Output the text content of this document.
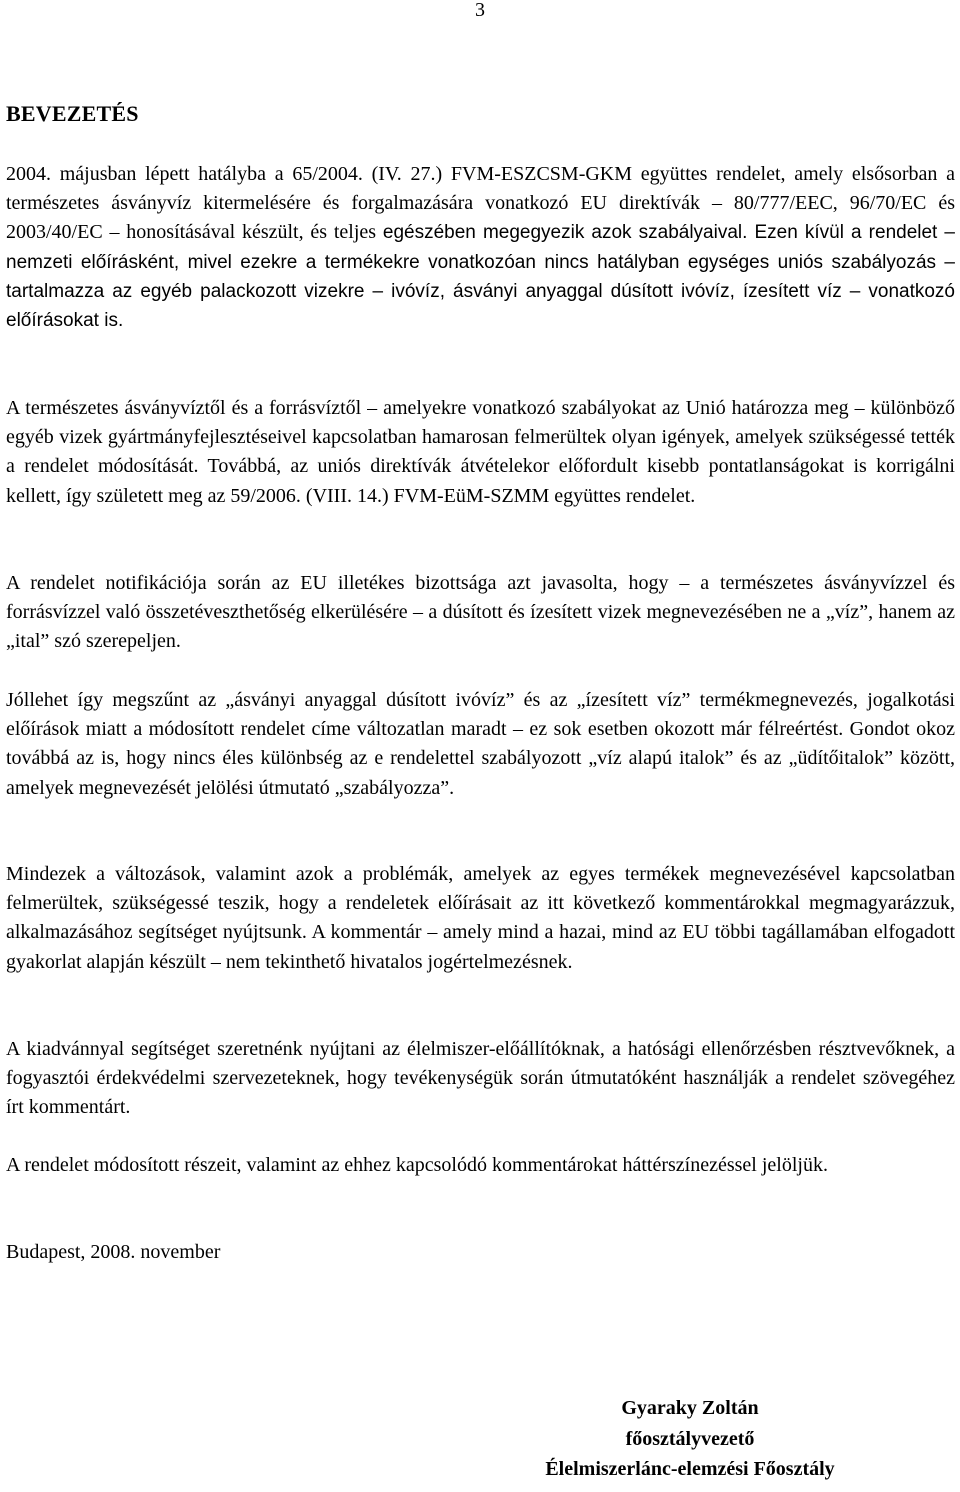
3
BEVEZETÉS

2004. májusban lépett hatályba a 65/2004. (IV. 27.) FVM-ESZCSM-GKM együttes rendelet, amely elsősorban a természetes ásványvíz kitermelésére és forgalmazására vonatkozó EU direktívák – 80/777/EEC, 96/70/EC és 2003/40/EC – honosításával készült, és teljes egészében megegyezik azok szabályaival. Ezen kívül a rendelet – nemzeti előírásként, mivel ezekre a termékekre vonatkozóan nincs hatályban egységes uniós szabályozás – tartalmazza az egyéb palackozott vizekre – ivóvíz, ásványi anyaggal dúsított ivóvíz, ízesített víz – vonatkozó előírásokat is.

A természetes ásványvíztől és a forrásvíztől – amelyekre vonatkozó szabályokat az Unió határozza meg – különböző egyéb vizek gyártmányfejlesztéseivel kapcsolatban hamarosan felmerültek olyan igények, amelyek szükségessé tették a rendelet módosítását. Továbbá, az uniós direktívák átvételekor előfordult kisebb pontatlanságokat is korrigálni kellett, így született meg az 59/2006. (VIII. 14.) FVM-EüM-SZMM együttes rendelet.

A rendelet notifikációja során az EU illetékes bizottsága azt javasolta, hogy – a természetes ásványvízzel és forrásvízzel való összetéveszthetőség elkerülésére – a dúsított és ízesített vizek megnevezésében ne a „víz”, hanem az „ital” szó szerepeljen.

Jóllehet így megszűnt az „ásványi anyaggal dúsított ivóvíz” és az „ízesített víz” termékmegnevezés, jogalkotási előírások miatt a módosított rendelet címe változatlan maradt – ez sok esetben okozott már félreértést. Gondot okoz továbbá az is, hogy nincs éles különbség az e rendelettel szabályozott „víz alapú italok” és az „üdítőitalok” között, amelyek megnevezését jelölési útmutató „szabályozza”.

Mindezek a változások, valamint azok a problémák, amelyek az egyes termékek megnevezésével kapcsolatban felmerültek, szükségessé teszik, hogy a rendeletek előírásait az itt következő kommentárokkal megmagyarázzuk, alkalmazásához segítséget nyújtsunk. A kommentár – amely mind a hazai, mind az EU többi tagállamában elfogadott gyakorlat alapján készült – nem tekinthető hivatalos jogértelmezésnek.

A kiadvánnyal segítséget szeretnénk nyújtani az élelmiszer-előállítóknak, a hatósági ellenőrzésben résztvevőknek, a fogyasztói érdekvédelmi szervezeteknek, hogy tevékenységük során útmutatóként használják a rendelet szövegéhez írt kommentárt.

A rendelet módosított részeit, valamint az ehhez kapcsolódó kommentárokat háttérszínezéssel jelöljük.

Budapest, 2008. november

Gyaraky Zoltán
főosztályvezető
Élelmiszerlánc-elemzési Főosztály
